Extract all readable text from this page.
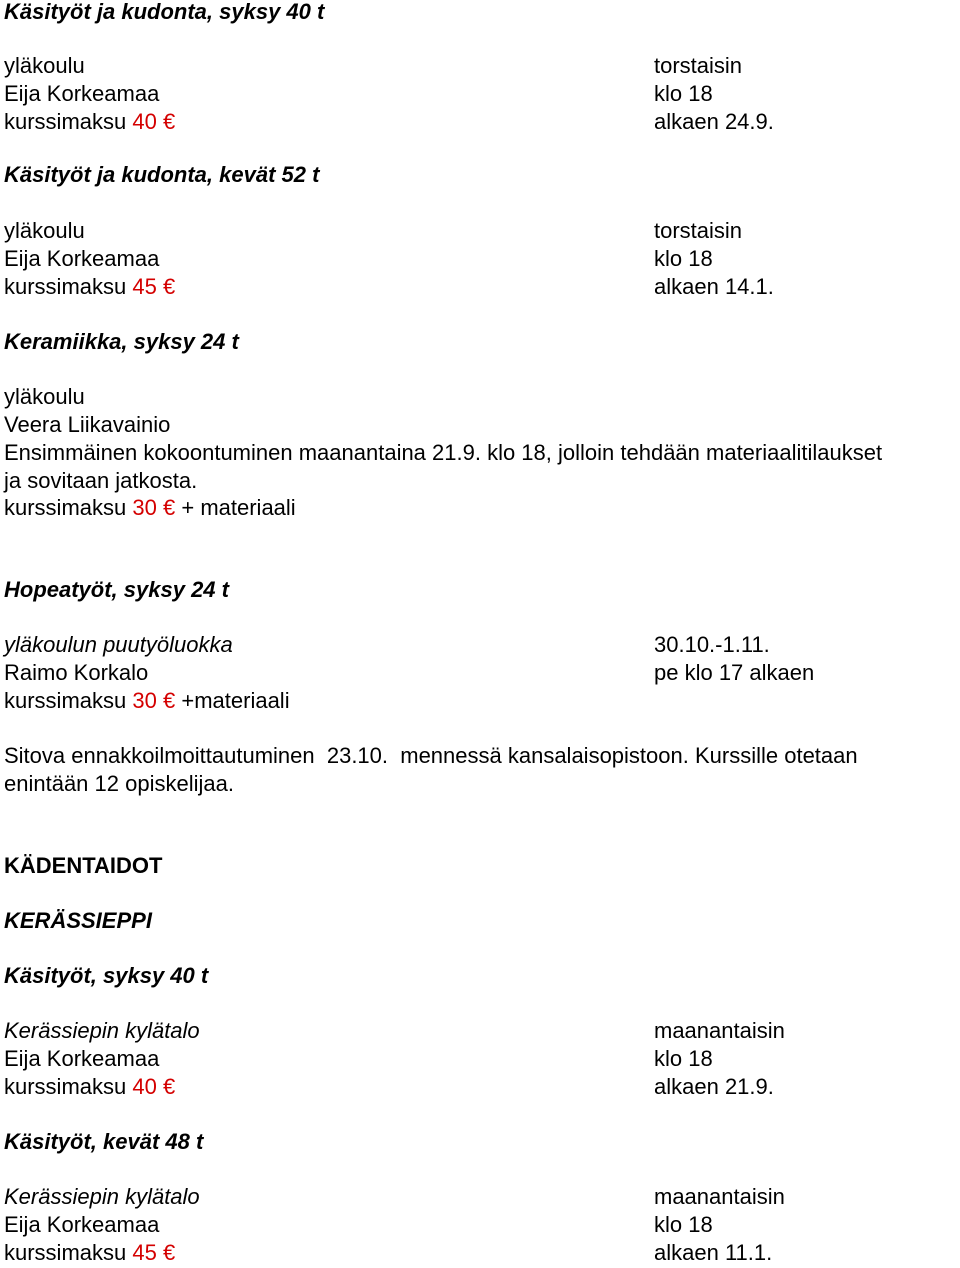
Käsityöt ja kudonta, syksy 40 t
yläkoulu	torstaisin
Eija Korkeamaa	klo 18
kurssimaksu 40 €	alkaen 24.9.
Käsityöt ja kudonta, kevät 52 t
yläkoulu	torstaisin
Eija Korkeamaa	klo 18
kurssimaksu 45 €	alkaen 14.1.
Keramiikka, syksy 24 t
yläkoulu
Veera Liikavainio
Ensimmäinen kokoontuminen maanantaina 21.9. klo 18, jolloin tehdään materiaalitilaukset
ja sovitaan jatkosta.
kurssimaksu 30 € + materiaali
Hopeatyöt, syksy 24 t
yläkoulun puutyöluokka	30.10.-1.11.
Raimo Korkalo	pe klo 17 alkaen
kurssimaksu 30 € +materiaali
Sitova ennakkoilmoittautuminen  23.10.  mennessä kansalaisopistoon. Kurssille otetaan
enintään 12 opiskelijaa.
KÄDENTAIDOT
KERÄSSIEPPI
Käsityöt, syksy 40 t
Kerässiepin kylätalo	maanantaisin
Eija Korkeamaa	klo 18
kurssimaksu 40 €	alkaen 21.9.
Käsityöt, kevät 48 t
Kerässiepin kylätalo	maanantaisin
Eija Korkeamaa	klo 18
kurssimaksu 45 €	alkaen 11.1.
